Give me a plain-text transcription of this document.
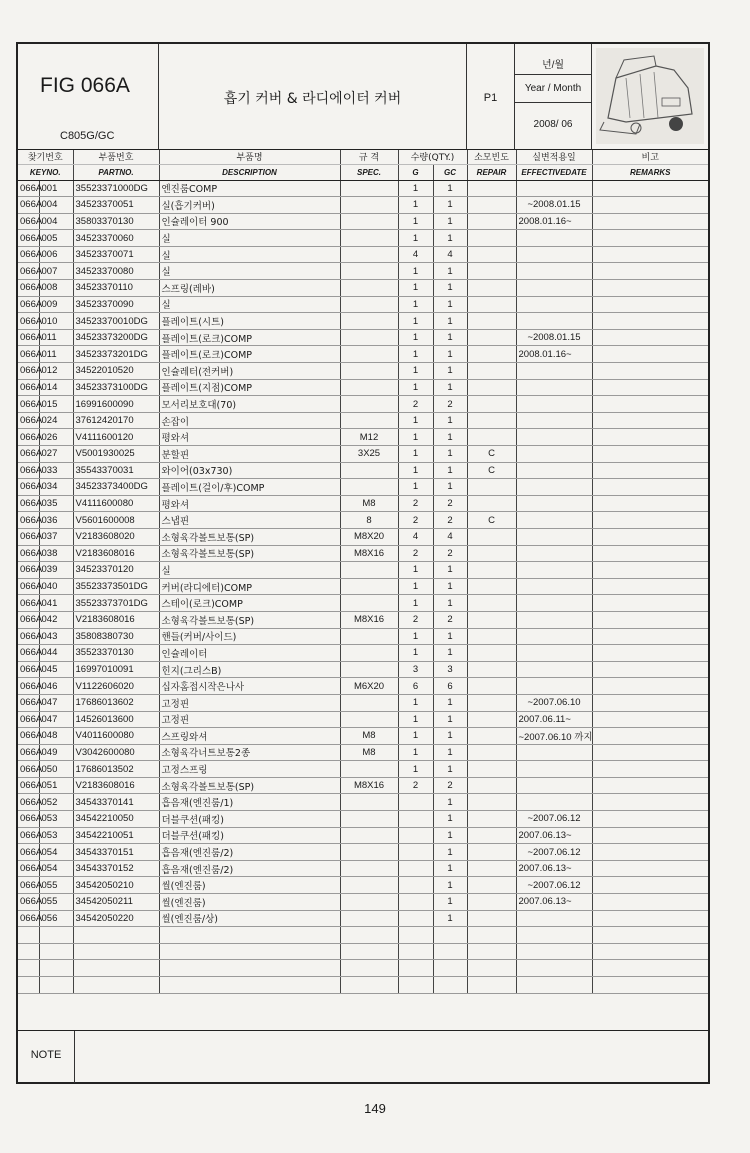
FIG 066A
C805G/GC
흡기 커버 & 라디에이터 커버	P1
년/월
Year / Month
2008/ 06
찾기번호		부품번호	부품명	규 격	수량(QTY.)		소모빈도	실변적용일	비고
KEYNO.		PARTNO.	DESCRIPTION	SPEC.	G	GC	REPAIR	EFFECTIVEDATE	REMARKS
066A	001	35523371000DG	엔진룸COMP		1	1			
066A	004	34523370051	실(흡기커버)		1	1		~2008.01.15	
066A	004	35803370130	인슐레이터 900		1	1		2008.01.16~	
066A	005	34523370060	실		1	1			
066A	006	34523370071	실		4	4			
066A	007	34523370080	실		1	1			
066A	008	34523370110	스프링(레바)		1	1			
066A	009	34523370090	실		1	1			
066A	010	34523370010DG	플레이트(시트)		1	1			
066A	011	34523373200DG	플레이트(로크)COMP		1	1		~2008.01.15	
066A	011	34523373201DG	플레이트(로크)COMP		1	1		2008.01.16~	
066A	012	34522010520	인슐레터(전커버)		1	1			
066A	014	34523373100DG	플레이트(지점)COMP		1	1			
066A	015	16991600090	모서리보호대(70)		2	2			
066A	024	37612420170	손잡이		1	1			
066A	026	V4111600120	평와셔	M12	1	1			
066A	027	V5001930025	분할핀	3X25	1	1	C		
066A	033	35543370031	와이어(03x730)		1	1	C		
066A	034	34523373400DG	플레이트(걸이/후)COMP		1	1			
066A	035	V4111600080	평와셔	M8	2	2			
066A	036	V5601600008	스냅핀	8	2	2	C		
066A	037	V2183608020	소형육각볼트보통(SP)	M8X20	4	4			
066A	038	V2183608016	소형육각볼트보통(SP)	M8X16	2	2			
066A	039	34523370120	실		1	1			
066A	040	35523373501DG	커버(라디에터)COMP		1	1			
066A	041	35523373701DG	스테이(로크)COMP		1	1			
066A	042	V2183608016	소형육각볼트보통(SP)	M8X16	2	2			
066A	043	35808380730	핸들(커버/사이드)		1	1			
066A	044	35523370130	인슐레이터		1	1			
066A	045	16997010091	힌지(그리스B)		3	3			
066A	046	V1122606020	십자홈접시작은나사	M6X20	6	6			
066A	047	17686013602	고정핀		1	1		~2007.06.10	
066A	047	14526013600	고정핀		1	1		2007.06.11~	
066A	048	V4011600080	스프링와셔	M8	1	1		~2007.06.10 까지	
066A	049	V3042600080	소형육각너트보통2종	M8	1	1			
066A	050	17686013502	고정스프링		1	1			
066A	051	V2183608016	소형육각볼트보통(SP)	M8X16	2	2			
066A	052	34543370141	흡음재(엔진룸/1)			1			
066A	053	34542210050	더블쿠션(패킹)			1		~2007.06.12	
066A	053	34542210051	더블쿠션(패킹)			1		2007.06.13~	
066A	054	34543370151	흡음재(엔진룸/2)			1		~2007.06.12	
066A	054	34543370152	흡음재(엔진룸/2)			1		2007.06.13~	
066A	055	34542050210	씰(엔진룸)			1		~2007.06.12	
066A	055	34542050211	씰(엔진룸)			1		2007.06.13~	
066A	056	34542050220	씰(엔진룸/상)			1			

NOTE
149
